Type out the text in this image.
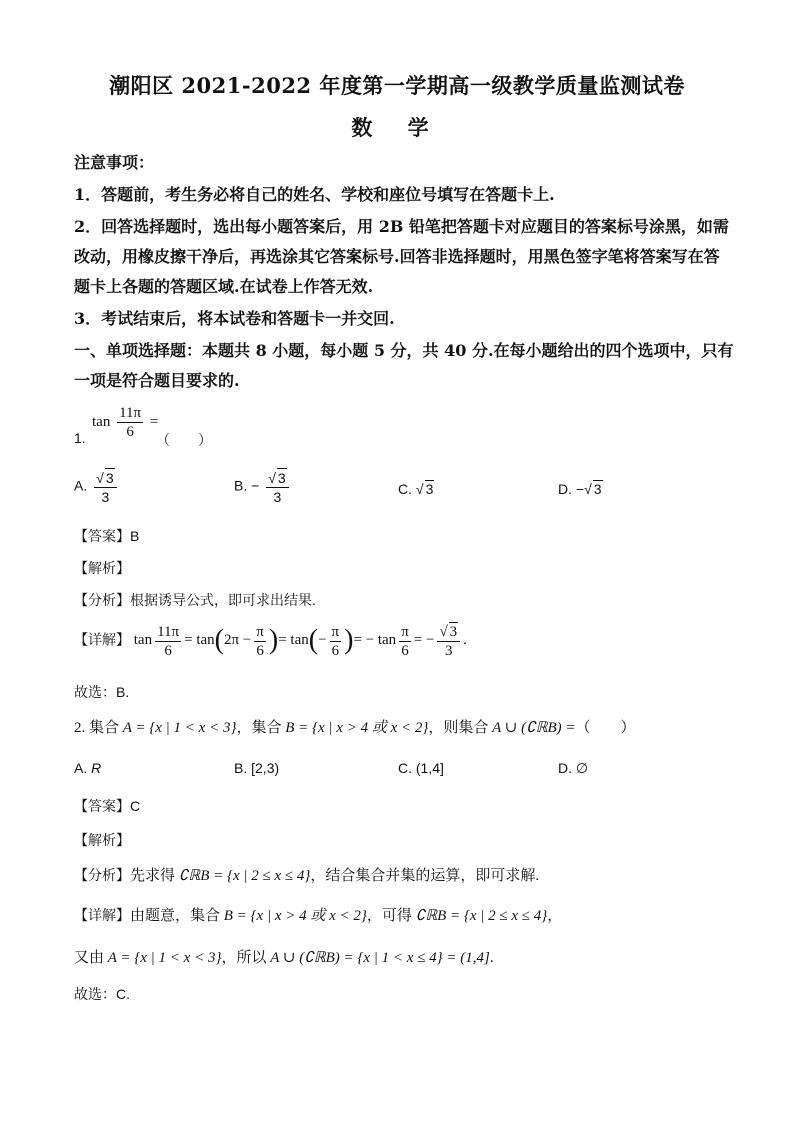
潮阳区 2021-2022 年度第一学期高一级教学质量监测试卷
数 学
注意事项：
1．答题前，考生务必将自己的姓名、学校和座位号填写在答题卡上.
2．回答选择题时，选出每小题答案后，用 2B 铅笔把答题卡对应题目的答案标号涂黑，如需
改动，用橡皮擦干净后，再选涂其它答案标号.回答非选择题时，用黑色签字笔将答案写在答
题卡上各题的答题区域.在试卷上作答无效.
3．考试结束后，将本试卷和答题卡一并交回.
一、单项选择题：本题共 8 小题，每小题 5 分，共 40 分.在每小题给出的四个选项中，只有
一项是符合题目要求的.
$\tan \frac{11\pi}{6}$ =
1.	（　　）
A. $\frac{√ 3}{3}$	B. − $\frac{√ 3}{3}$	C. √ 3	D. −√ 3
【答案】B
【解析】
【分析】根据诱导公式，即可求出结果.
【详解】 $\tan \frac{11\pi}{6} = \tan(2\pi - \frac{\pi}{6}$ )= $\tan(- \frac{\pi}{6}$ )= − $\tan \frac{\pi}{6}$ = − $\frac{√ 3}{3}$ .
故选：B.
2. 集合 A = {x | 1 < x < 3}，集合 B = {x | x > 4 或 x < 2}，则集合 A ∪ (∁ℝB) =（　　）
A. R	B. [2,3)	C. (1,4]	D. ∅
【答案】C
【解析】
【分析】先求得 ∁ℝB = {x | 2 ≤ x ≤ 4}，结合集合并集的运算，即可求解.
【详解】由题意，集合 B = {x | x > 4 或 x < 2}，可得 ∁ℝB = {x | 2 ≤ x ≤ 4}，
又由 A = {x | 1 < x < 3}，所以 A ∪ (∁ℝB) = {x | 1 < x ≤ 4} = (1,4].
故选：C.
